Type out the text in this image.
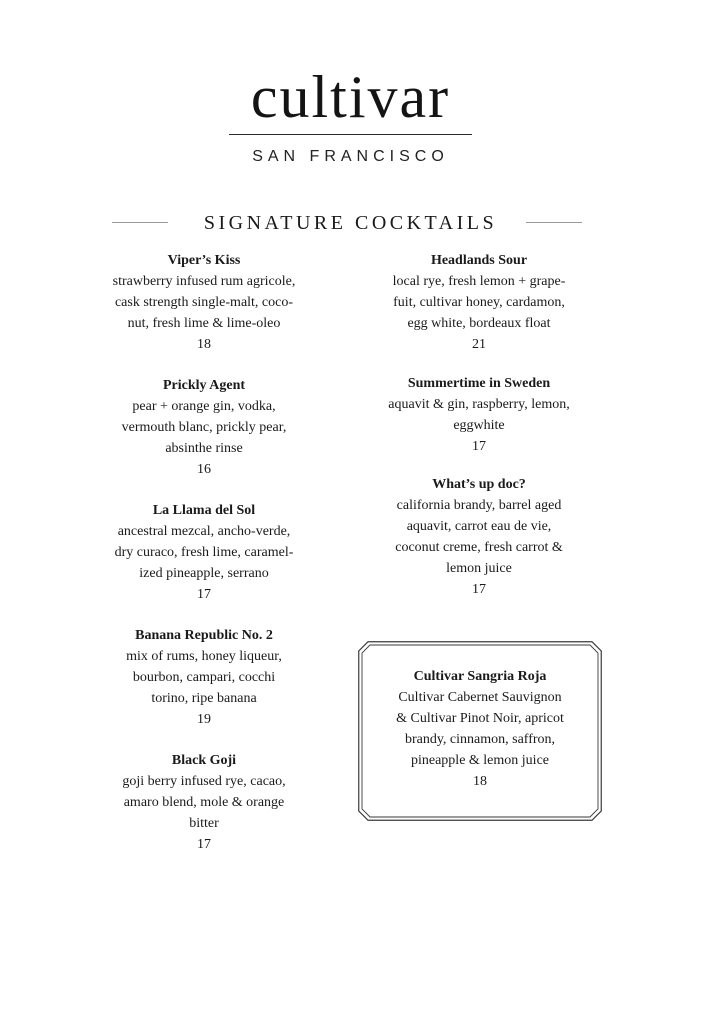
cultivar
SAN FRANCISCO
SIGNATURE COCKTAILS
Viper’s Kiss
strawberry infused rum agricole,
cask strength single-malt, coco-
nut, fresh lime & lime-oleo
18
Prickly Agent
pear + orange gin, vodka,
vermouth blanc, prickly pear,
absinthe rinse
16
La Llama del Sol
ancestral mezcal, ancho-verde,
dry curaco, fresh lime, caramel-
ized pineapple, serrano
17
Banana Republic No. 2
mix of rums, honey liqueur,
bourbon, campari, cocchi
torino, ripe banana
19
Black Goji
goji berry infused rye, cacao,
amaro blend, mole & orange
bitter
17
Headlands Sour
local rye, fresh lemon + grape-
fuit, cultivar honey, cardamon,
egg white, bordeaux float
21
Summertime in Sweden
aquavit & gin, raspberry, lemon,
eggwhite
17
What’s up doc?
california brandy, barrel aged
aquavit, carrot eau de vie,
coconut creme, fresh carrot &
lemon juice
17
Cultivar Sangria Roja
Cultivar Cabernet Sauvignon
& Cultivar Pinot Noir, apricot
brandy, cinnamon, saffron,
pineapple & lemon juice
18
